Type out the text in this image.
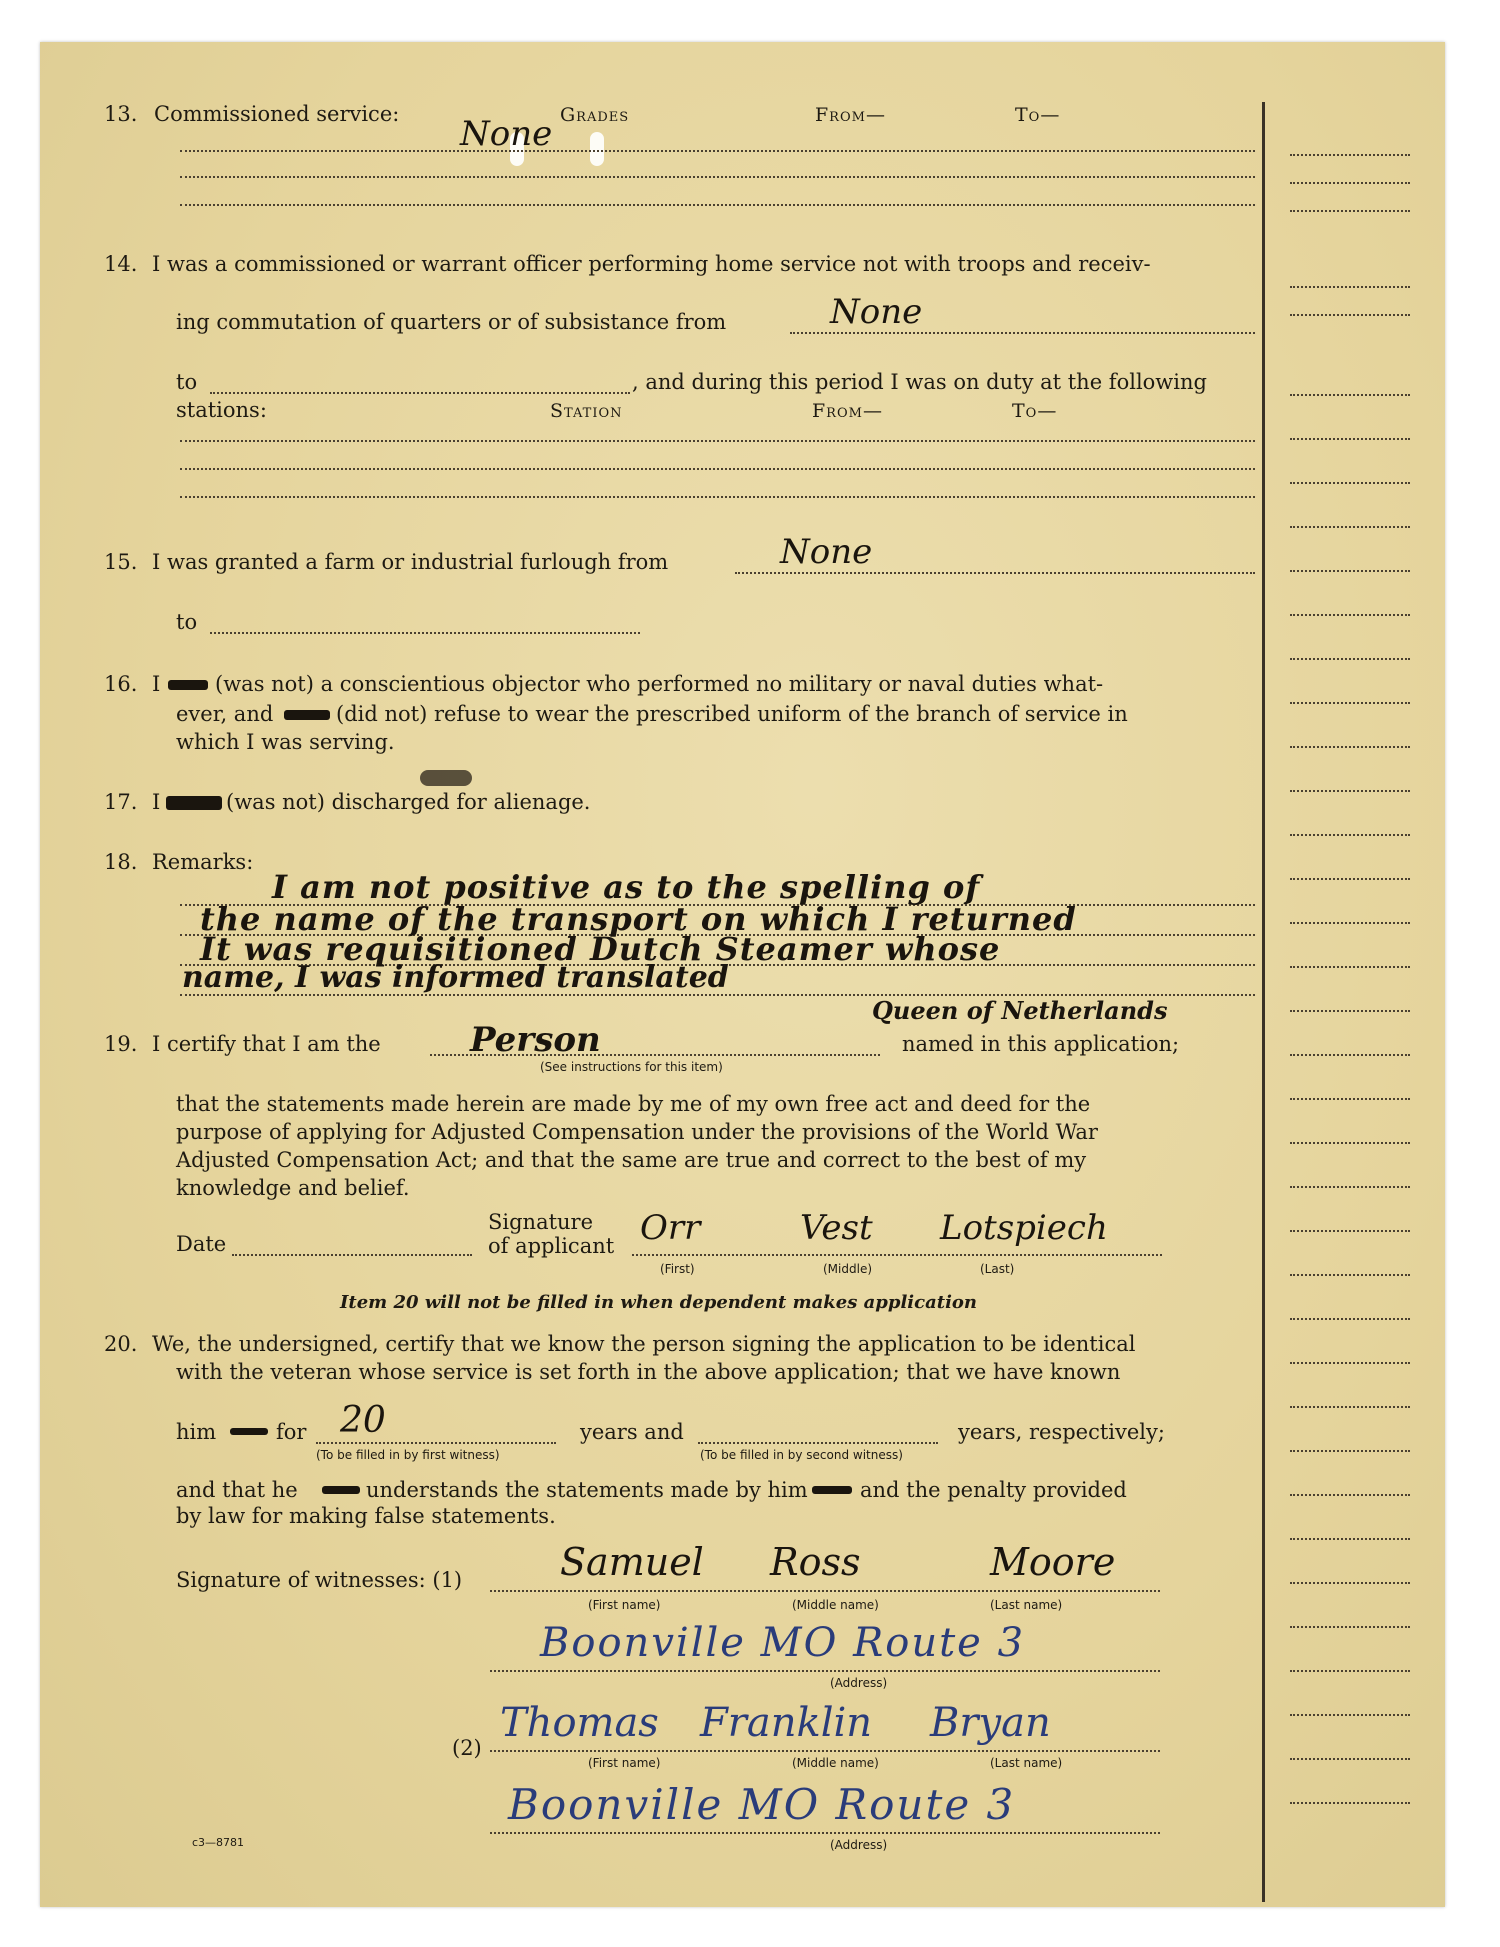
13. Commissioned service:	Grades	From—	To—
None
14. I was a commissioned or warrant officer performing home service not with troops and receiv-
ing commutation of quarters or of subsistance from	None
to	, and during this period I was on duty at the following
stations:	Station	From—	To—
15. I was granted a farm or industrial furlough from	None
to
16. I	(was not) a conscientious objector who performed no military or naval duties what-
ever, and	(did not) refuse to wear the prescribed uniform of the branch of service in
which I was serving.
17. I	(was not) discharged for alienage.
18. Remarks:
I am not positive as to the spelling of
the name of the transport on which I returned
It was requisitioned Dutch Steamer whose
name, I was informed translated
Queen of Netherlands
19. I certify that I am the	Person	named in this application;
(See instructions for this item)
that the statements made herein are made by me of my own free act and deed for the
purpose of applying for Adjusted Compensation under the provisions of the World War
Adjusted Compensation Act; and that the same are true and correct to the best of my
knowledge and belief.
Date
Signature
of applicant Orr	Vest Lotspiech
(First)	(Middle)	(Last)
Item 20 will not be filled in when dependent makes application
20. We, the undersigned, certify that we know the person signing the application to be identical
with the veteran whose service is set forth in the above application; that we have known
him	for 20	years and	years, respectively;
(To be filled in by first witness)	(To be filled in by second witness)
and that he	understands the statements made by him and the penalty provided
by law for making false statements.
Signature of witnesses: (1)	Samuel Ross	Moore
(First name)	(Middle name)	(Last name)
Boonville MO Route 3
(Address)
(2)
Thomas Franklin Bryan
(First name)	(Middle name)	(Last name)
Boonville MO Route 3
(Address)
c3—8781
